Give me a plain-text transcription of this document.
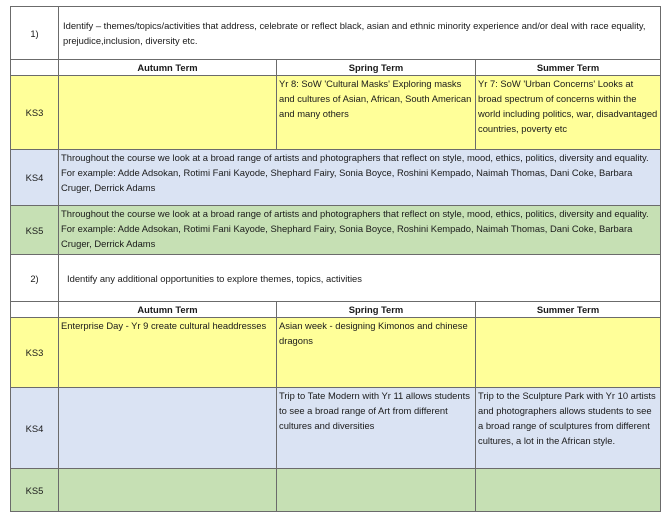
1)	Identify – themes/topics/activities that address, celebrate or reflect black, asian and ethnic minority experience and/or deal with race equality, prejudice,inclusion, diversity etc.		
	Autumn Term	Spring Term	Summer Term
KS3		Yr 8: SoW 'Cultural Masks' Exploring masks and cultures of Asian, African, South American and many others	Yr 7: SoW 'Urban Concerns' Looks at broad spectrum of concerns within the world including politics, war, disadvantaged countries, poverty etc
KS4	Throughout the course we look at a broad range of artists and photographers that reflect on style, mood, ethics, politics, diversity and equality. For example: Adde Adsokan, Rotimi Fani Kayode, Shephard Fairy, Sonia Boyce, Roshini Kempado, Naimah Thomas, Dani Coke, Barbara Cruger, Derrick Adams		
KS5	Throughout the course we look at a broad range of artists and photographers that reflect on style, mood, ethics, politics, diversity and equality. For example: Adde Adsokan, Rotimi Fani Kayode, Shephard Fairy, Sonia Boyce, Roshini Kempado, Naimah Thomas, Dani Coke, Barbara Cruger, Derrick Adams		
2)	Identify any additional opportunities to explore themes, topics, activities		
	Autumn Term	Spring Term	Summer Term
KS3	Enterprise Day - Yr 9 create cultural headdresses	Asian week - designing Kimonos and chinese dragons	
KS4		Trip to Tate Modern with Yr 11 allows students to see a broad range of Art from different cultures and diversities	Trip to the Sculpture Park with Yr 10 artists and photographers allows students to see a broad range of sculptures from different cultures, a lot in the African style.
KS5			
